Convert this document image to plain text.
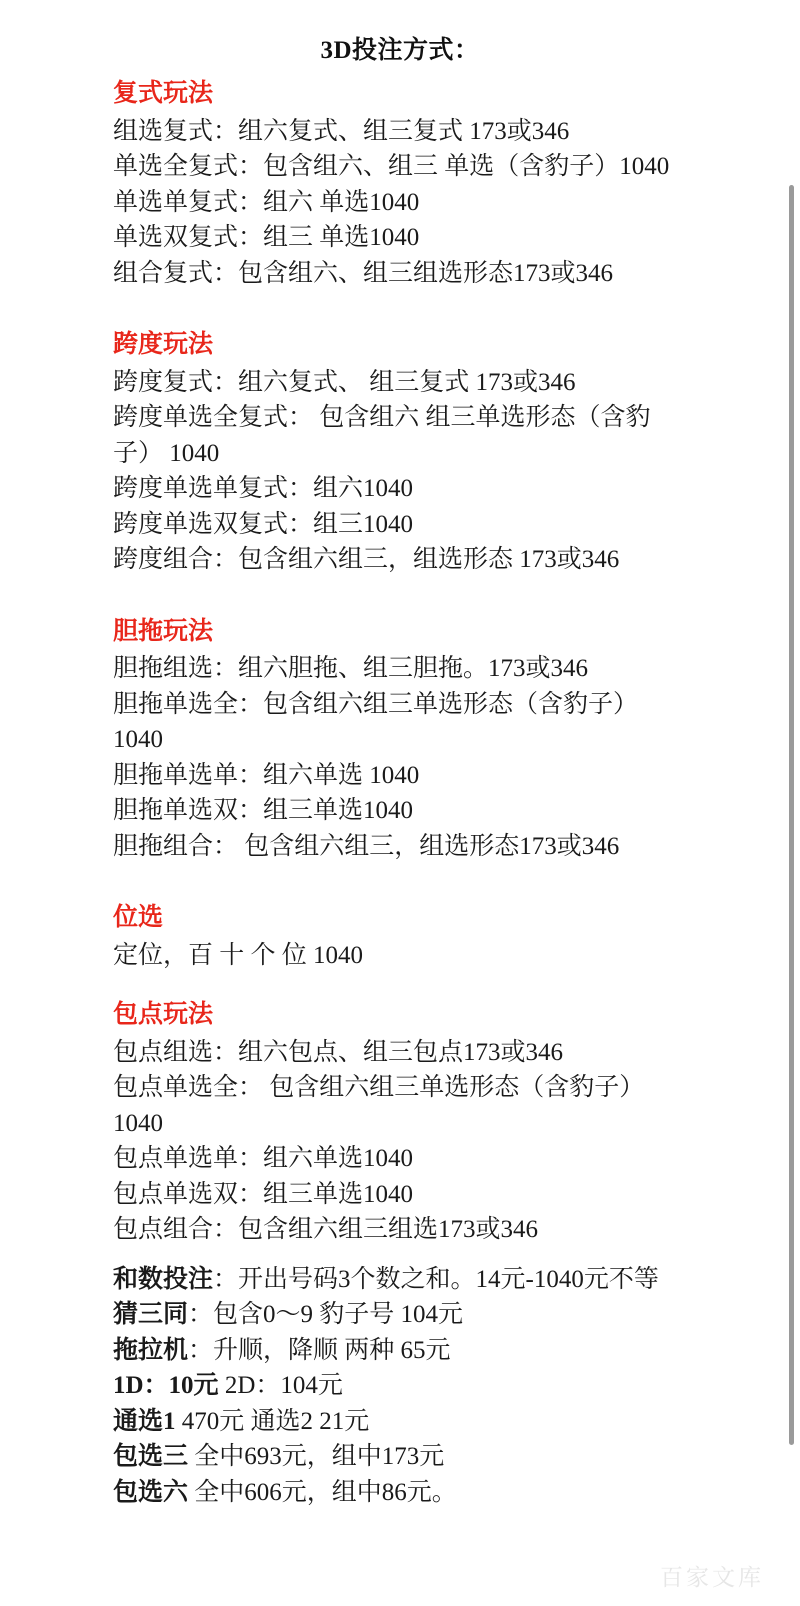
3D投注方式：
复式玩法

组选复式：组六复式、组三复式 173或346

单选全复式：包含组六、组三 单选（含豹子）1040

单选单复式：组六 单选1040

单选双复式：组三 单选1040

组合复式：包含组六、组三组选形态173或346

跨度玩法

跨度复式：组六复式、 组三复式 173或346

跨度单选全复式： 包含组六 组三单选形态（含豹子） 1040

跨度单选单复式：组六1040

跨度单选双复式：组三1040

跨度组合：包含组六组三，组选形态 173或346

胆拖玩法

胆拖组选：组六胆拖、组三胆拖。173或346

胆拖单选全：包含组六组三单选形态（含豹子）1040

胆拖单选单：组六单选 1040

胆拖单选双：组三单选1040

胆拖组合： 包含组六组三，组选形态173或346

位选

定位，百 十 个 位 1040

包点玩法

包点组选：组六包点、组三包点173或346

包点单选全： 包含组六组三单选形态（含豹子）1040

包点单选单：组六单选1040

包点单选双：组三单选1040

包点组合：包含组六组三组选173或346

和数投注：开出号码3个数之和。14元-1040元不等

猜三同：包含0～9 豹子号 104元

拖拉机：升顺，降顺 两种 65元

1D：10元 2D：104元

通选1 470元 通选2 21元

包选三 全中693元，组中173元

包选六 全中606元，组中86元。

百家文库
